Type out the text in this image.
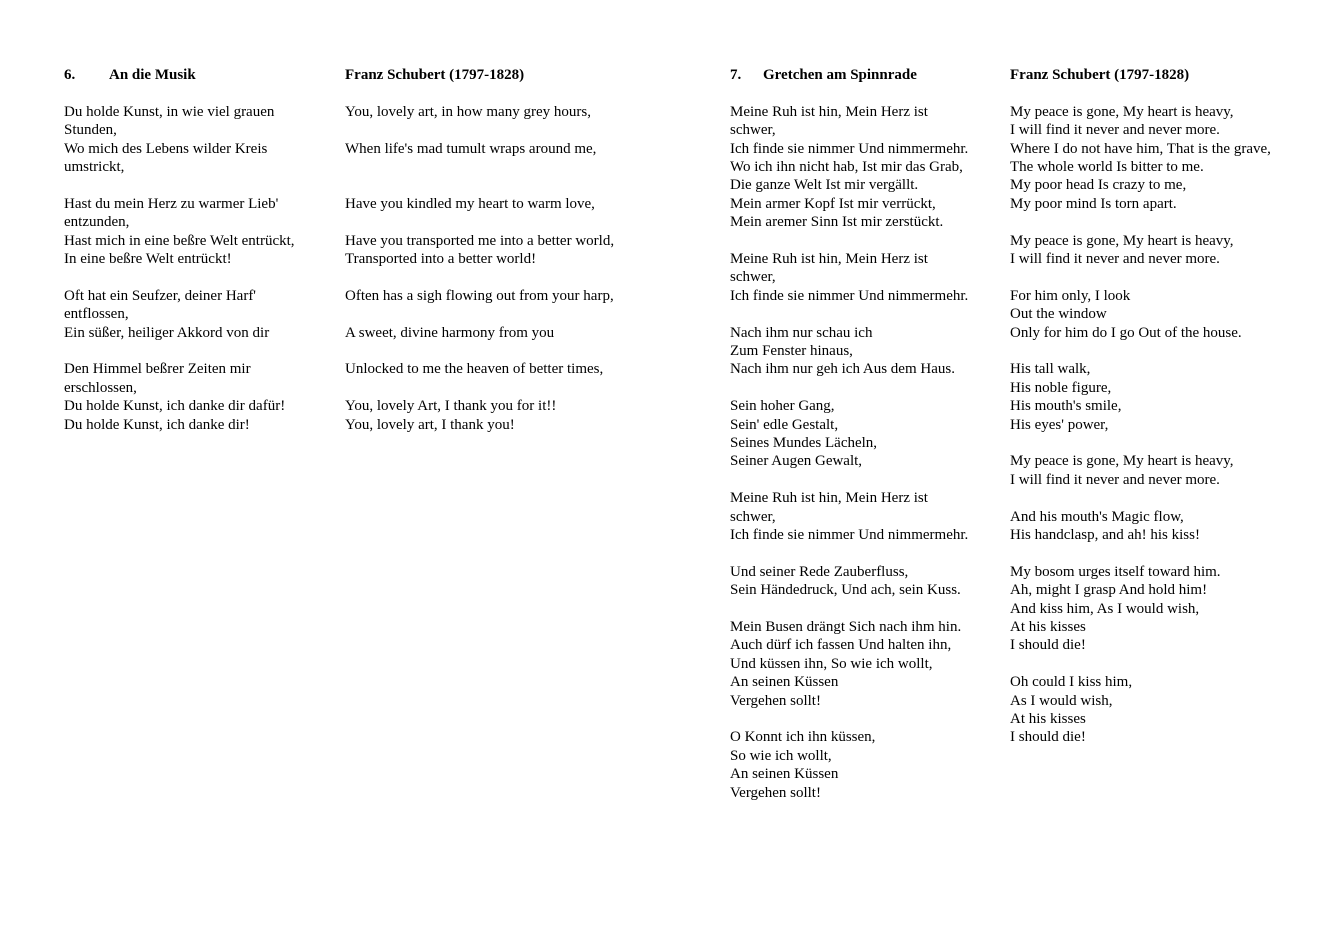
6. An die Musik
Du holde Kunst, in wie viel grauen
Stunden,
Wo mich des Lebens wilder Kreis
umstrickt,
Hast du mein Herz zu warmer Lieb'
entzunden,
Hast mich in eine beßre Welt entrückt,
In eine beßre Welt entrückt!
Oft hat ein Seufzer, deiner Harf'
entflossen,
Ein süßer, heiliger Akkord von dir
Den Himmel beßrer Zeiten mir
erschlossen,
Du holde Kunst, ich danke dir dafür!
Du holde Kunst, ich danke dir!
Franz Schubert (1797-1828)
You, lovely art, in how many grey hours,
When life's mad tumult wraps around me,
Have you kindled my heart to warm love,
Have you transported me into a better world,
Transported into a better world!
Often has a sigh flowing out from your harp,
A sweet, divine harmony from you
Unlocked to me the heaven of better times,
You, lovely Art, I thank you for it!!
You, lovely art, I thank you!
7. Gretchen am Spinnrade
Meine Ruh ist hin, Mein Herz ist
schwer,
Ich finde sie nimmer Und nimmermehr.
Wo ich ihn nicht hab, Ist mir das Grab,
Die ganze Welt Ist mir vergällt.
Mein armer Kopf Ist mir verrückt,
Mein aremer Sinn Ist mir zerstückt.
Meine Ruh ist hin, Mein Herz ist
schwer,
Ich finde sie nimmer Und nimmermehr.
Nach ihm nur schau ich
Zum Fenster hinaus,
Nach ihm nur geh ich Aus dem Haus.
Sein hoher Gang,
Sein' edle Gestalt,
Seines Mundes Lächeln,
Seiner Augen Gewalt,
Meine Ruh ist hin, Mein Herz ist
schwer,
Ich finde sie nimmer Und nimmermehr.
Und seiner Rede Zauberfluss,
Sein Händedruck, Und ach, sein Kuss.
Mein Busen drängt Sich nach ihm hin.
Auch dürf ich fassen Und halten ihn,
Und küssen ihn, So wie ich wollt,
An seinen Küssen
Vergehen sollt!
O Konnt ich ihn küssen,
So wie ich wollt,
An seinen Küssen
Vergehen sollt!
Franz Schubert (1797-1828)
My peace is gone, My heart is heavy,
I will find it never and never more.
Where I do not have him, That is the grave,
The whole world Is bitter to me.
My poor head Is crazy to me,
My poor mind Is torn apart.
My peace is gone, My heart is heavy,
I will find it never and never more.
For him only, I look
Out the window
Only for him do I go Out of the house.
His tall walk,
His noble figure,
His mouth's smile,
His eyes' power,
My peace is gone, My heart is heavy,
I will find it never and never more.
And his mouth's Magic flow,
His handclasp, and ah! his kiss!
My bosom urges itself toward him.
Ah, might I grasp And hold him!
And kiss him, As I would wish,
At his kisses
I should die!
Oh could I kiss him,
As I would wish,
At his kisses
I should die!
